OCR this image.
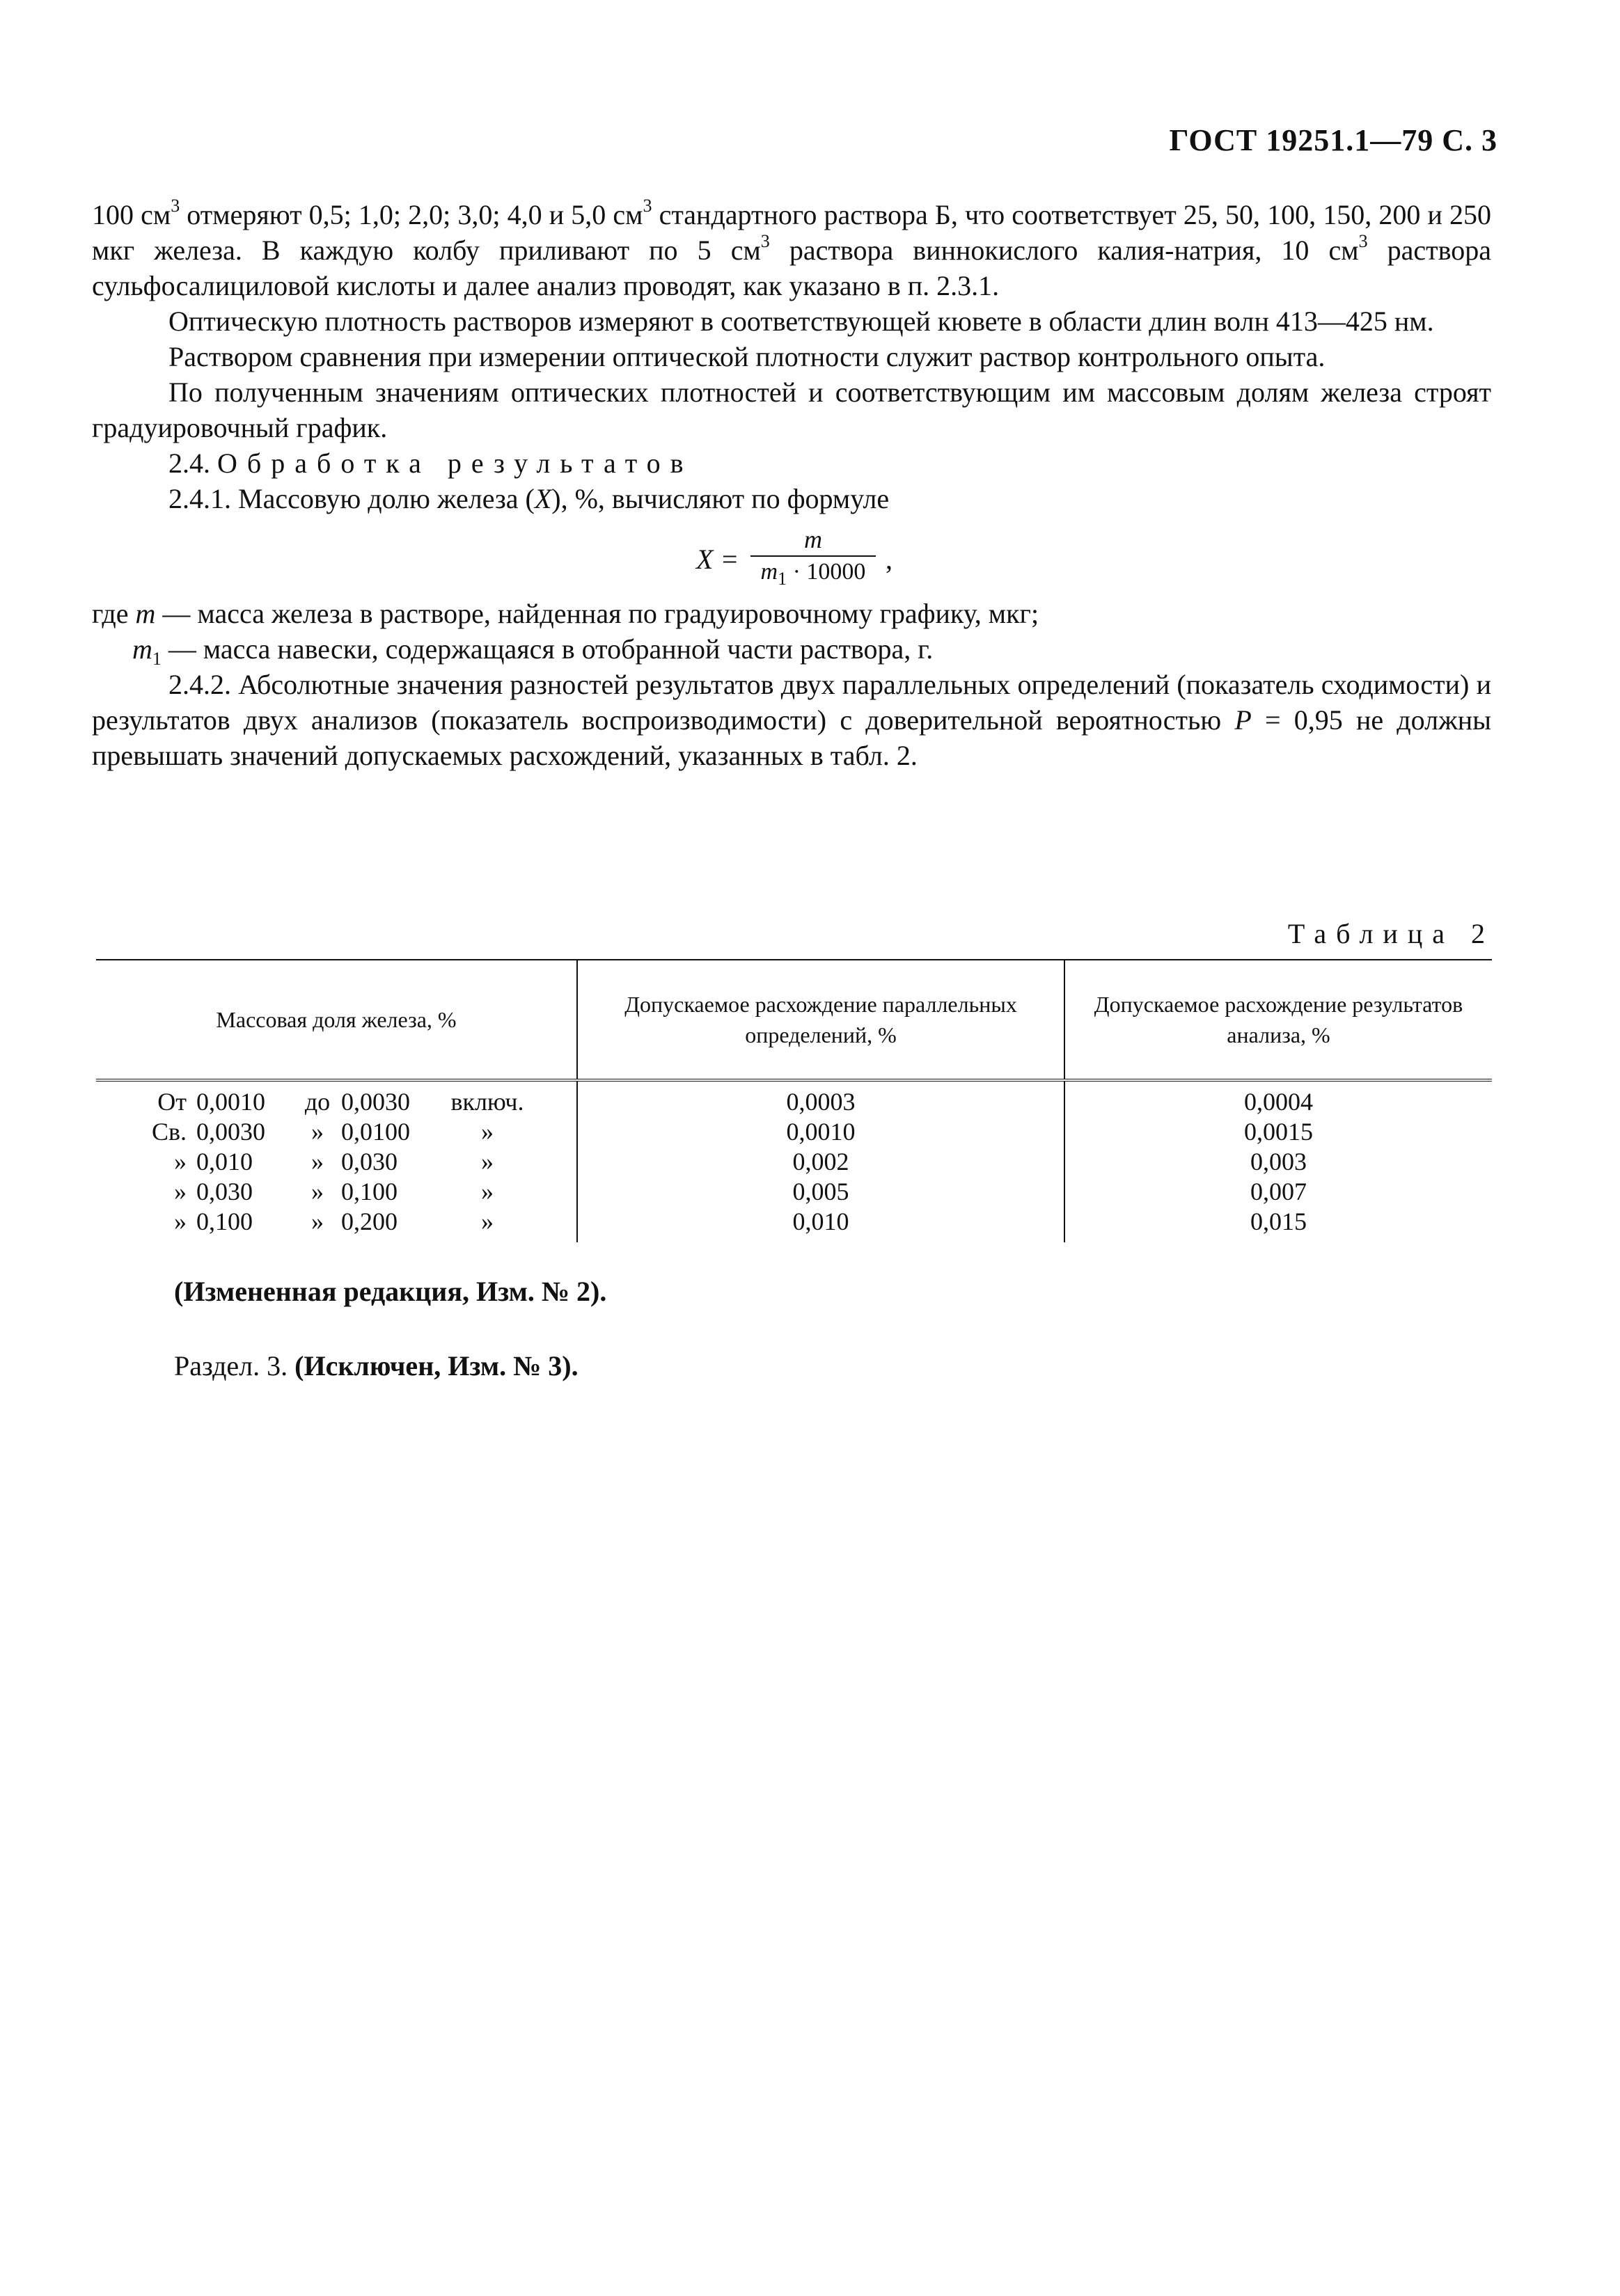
ГОСТ 19251.1—79 С. 3

100 $см^3$ отмеряют 0,5; 1,0; 2,0; 3,0; 4,0 и 5,0 $см^3$ стандартного раствора Б, что соответствует 25, 50, 100, 150, 200 и 250 мкг железа. В каждую колбу приливают по 5 $см^3$ раствора виннокислого калия-натрия, 10 $см^3$ раствора сульфосалициловой кислоты и далее анализ проводят, как указано в п. 2.3.1.

Оптическую плотность растворов измеряют в соответствующей кювете в области длин волн 413—425 нм.

Раствором сравнения при измерении оптической плотности служит раствор контрольного опыта.

По полученным значениям оптических плотностей и соответствующим им массовым долям железа строят градуировочный график.

2.4. Обработка результатов

2.4.1. Массовую долю железа (X), %, вычисляют по формуле

X =
m
$m_1 \cdot 10000$ ,

где m — масса железа в растворе, найденная по градуировочному графику, мкг;

$m_1$ — масса навески, содержащаяся в отобранной части раствора, г.

2.4.2. Абсолютные значения разностей результатов двух параллельных определений (показатель сходимости) и результатов двух анализов (показатель воспроизводимости) с доверительной вероятностью P = 0,95 не должны превышать значений допускаемых расхождений, указанных в табл. 2.

Таблица 2
Массовая доля железа, %	Допускаемое расхождение параллельных определений, %	Допускаемое расхождение результатов анализа, %

От 0,0010 до 0,0030 включ.	0,0003	0,0004

Св. 0,0030 » 0,0100 »	0,0010	0,0015

» 0,010 » 0,030 »	0,002	0,003

» 0,030 » 0,100 »	0,005	0,007

» 0,100 » 0,200 »	0,010	0,015
(Измененная редакция, Изм. № 2).
Раздел. 3. (Исключен, Изм. № 3).
